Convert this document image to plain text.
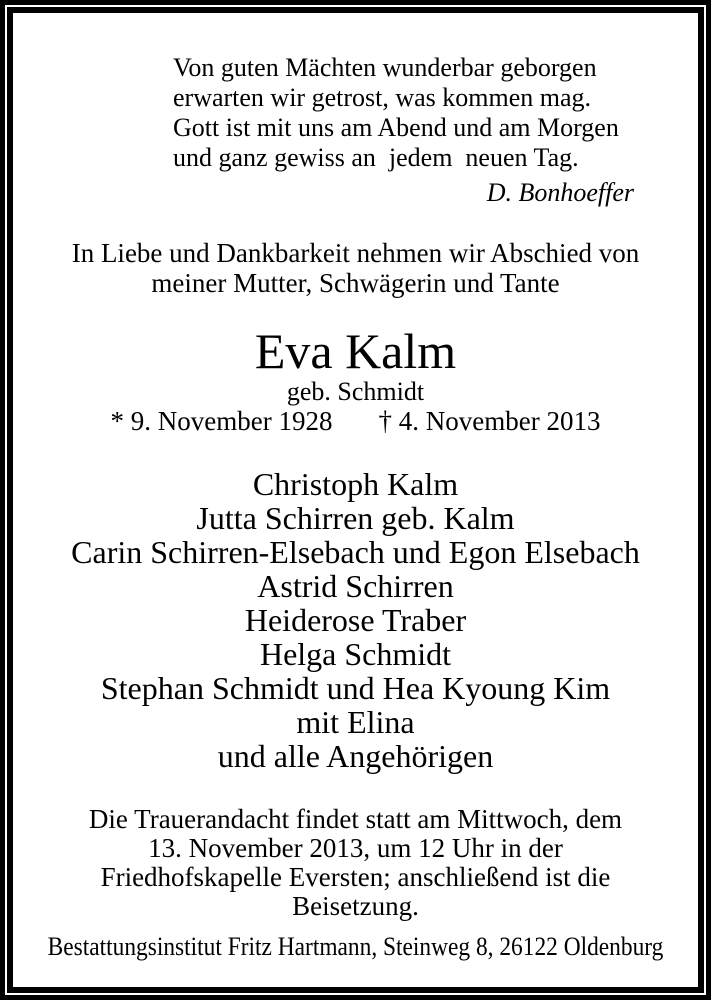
Von guten Mächten wunderbar geborgen
erwarten wir getrost, was kommen mag.
Gott ist mit uns am Abend und am Morgen
und ganz gewiss an  jedem  neuen Tag.
D. Bonhoeffer
In Liebe und Dankbarkeit nehmen wir Abschied von
meiner Mutter, Schwägerin und Tante
Eva Kalm
geb. Schmidt
* 9. November 1928 † 4. November 2013
Christoph Kalm
Jutta Schirren geb. Kalm
Carin Schirren-Elsebach und Egon Elsebach
Astrid Schirren
Heiderose Traber
Helga Schmidt
Stephan Schmidt und Hea Kyoung Kim
mit Elina
und alle Angehörigen
Die Trauerandacht findet statt am Mittwoch, dem
13. November 2013, um 12 Uhr in der
Friedhofskapelle Eversten; anschließend ist die
Beisetzung.
Bestattungsinstitut Fritz Hartmann, Steinweg 8, 26122 Oldenburg
